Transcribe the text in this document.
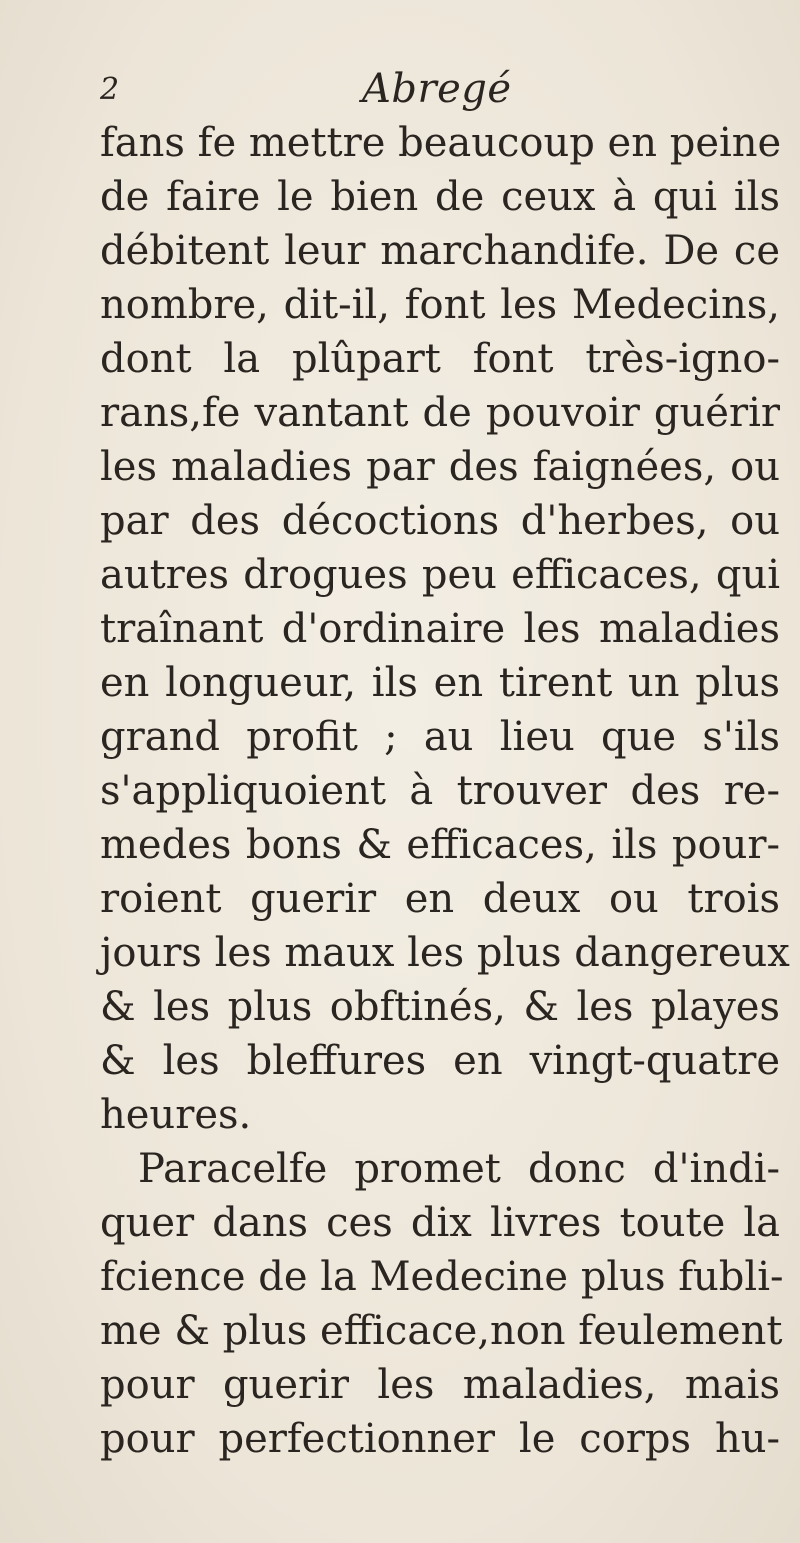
2	Abregé
fans fe mettre beaucoup en peine
de faire le bien de ceux à qui ils
débitent leur marchandife. De ce
nombre, dit-il, font les Medecins,
dont la plûpart font très-igno-
rans,fe vantant de pouvoir guérir
les maladies par des faignées, ou
par des décoctions d'herbes, ou
autres drogues peu efficaces, qui
traînant d'ordinaire les maladies
en longueur, ils en tirent un plus
grand profit ; au lieu que s'ils
s'appliquoient à trouver des re-
medes bons & efficaces, ils pour-
roient guerir en deux ou trois
jours les maux les plus dangereux
& les plus obftinés, & les playes
& les bleffures en vingt-quatre
heures.
Paracelfe promet donc d'indi-
quer dans ces dix livres toute la
fcience de la Medecine plus fubli-
me & plus efficace,non feulement
pour guerir les maladies, mais
pour perfectionner le corps hu-
